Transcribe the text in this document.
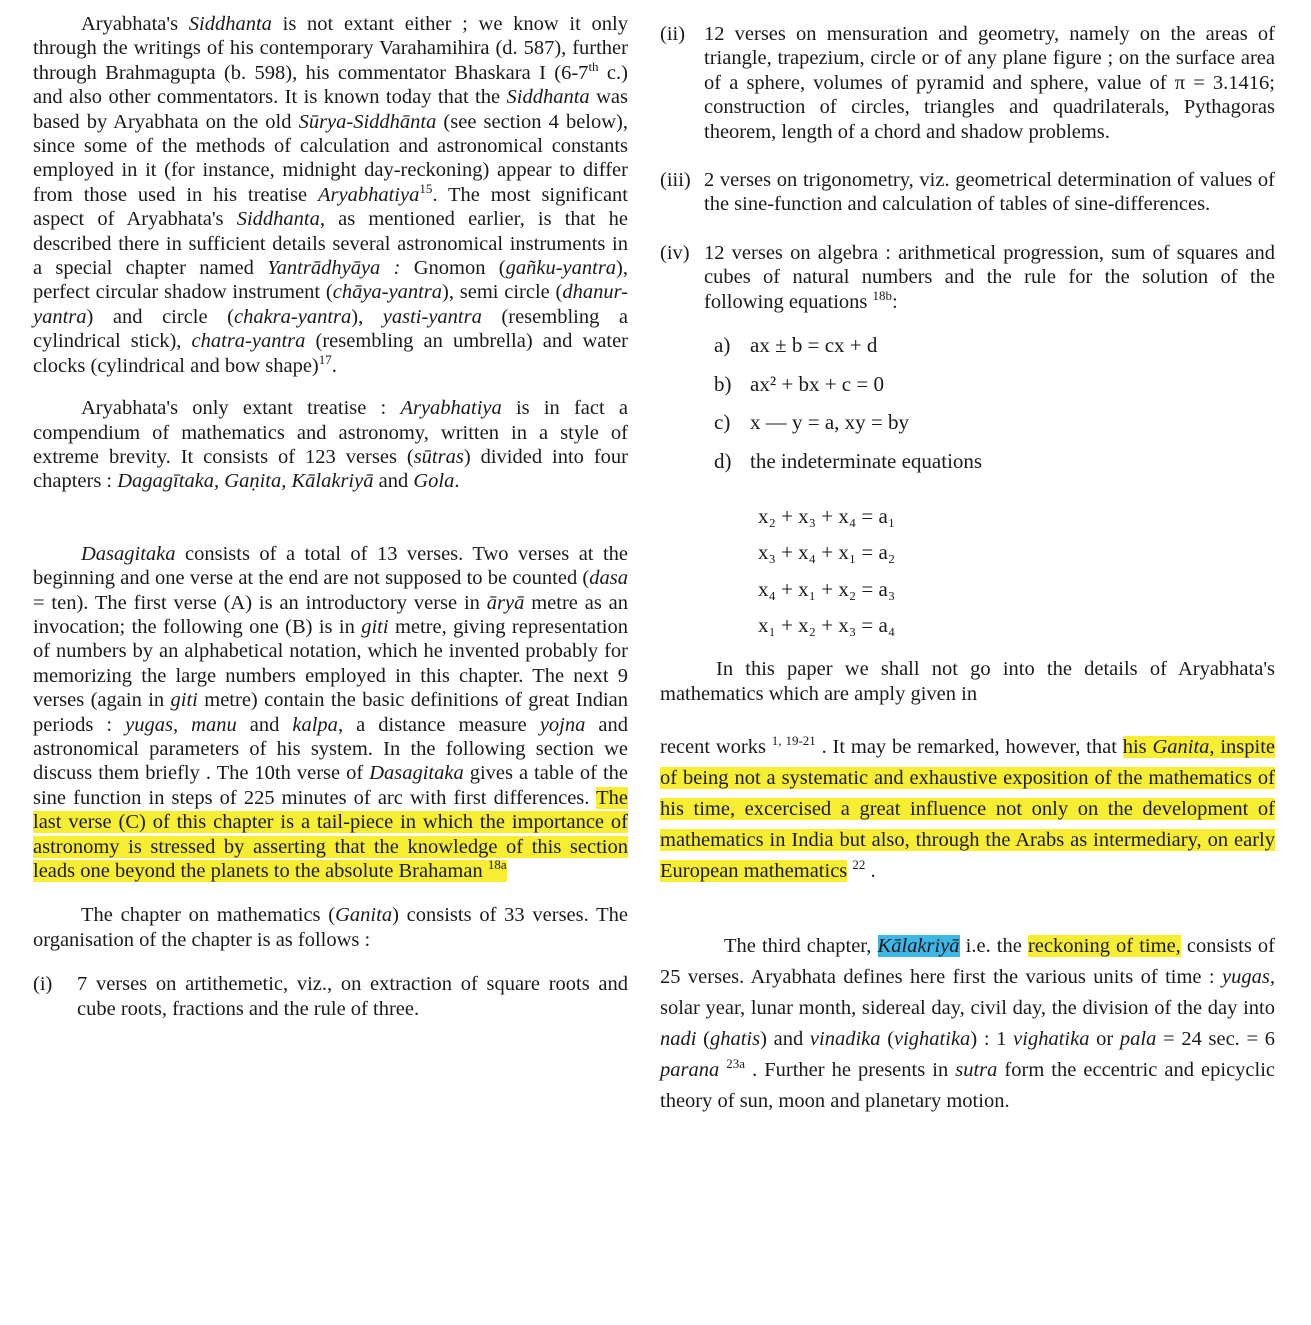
Aryabhata's Siddhanta is not extant either ; we know it only through the writings of his contemporary Varahamihira (d. 587), further through Brahmagupta (b. 598), his commentator Bhaskara I (6-7th c.) and also other commentators. It is known today that the Siddhanta was based by Aryabhata on the old Sūrya-Siddhānta (see section 4 below), since some of the methods of calculation and astronomical constants employed in it (for instance, midnight day-reckoning) appear to differ from those used in his treatise Aryabhatiya$^{15}$. The most significant aspect of Aryabhata's Siddhanta, as mentioned earlier, is that he described there in sufficient details several astronomical instruments in a special chapter named Yantrādhyāya : Gnomon (gañku-yantra), perfect circular shadow instrument (chāya-yantra), semi circle (dhanur-yantra) and circle (chakra-yantra), yasti-yantra (resembling a cylindrical stick), chatra-yantra (resembling an umbrella) and water clocks (cylindrical and bow shape)$^{17}$.

Aryabhata's only extant treatise : Aryabhatiya is in fact a compendium of mathematics and astronomy, written in a style of extreme brevity. It consists of 123 verses (sūtras) divided into four chapters : Dagagītaka, Gaṇita, Kālakriyā and Gola.

Dasagitaka consists of a total of 13 verses. Two verses at the beginning and one verse at the end are not supposed to be counted (dasa = ten). The first verse (A) is an introductory verse in āryā metre as an invocation; the following one (B) is in giti metre, giving representation of numbers by an alphabetical notation, which he invented probably for memorizing the large numbers employed in this chapter. The next 9 verses (again in giti metre) contain the basic definitions of great Indian periods : yugas, manu and kalpa, a distance measure yojna and astronomical parameters of his system. In the following section we discuss them briefly . The 10th verse of Dasagitaka gives a table of the sine function in steps of 225 minutes of arc with first differences. The last verse (C) of this chapter is a tail-piece in which the importance of astronomy is stressed by asserting that the knowledge of this section leads one beyond the planets to the absolute Brahaman $^{18a}$

The chapter on mathematics (Ganita) consists of 33 verses. The organisation of the chapter is as follows :

(i)	7 verses on artithemetic, viz., on extraction of square roots and cube roots, fractions and the rule of three.
(ii) 12 verses on mensuration and geometry, namely on the areas of triangle, trapezium, circle or of any plane figure ; on the surface area of a sphere, volumes of pyramid and sphere, value of π = 3.1416; construction of circles, triangles and quadrilaterals, Pythagoras theorem, length of a chord and shadow problems.
(iii) 2 verses on trigonometry, viz. geometrical determination of values of the sine-function and calculation of tables of sine-differences.
(iv) 12 verses on algebra : arithmetical progression, sum of squares and cubes of natural numbers and the rule for the solution of the following equations $^{18b}$:
a) ax ± b = cx + d
b) ax² + bx + c = 0
c) x — y = a, xy = by
d) the indeterminate equations
x₂ + x₃ + x₄ = a₁
x₃ + x₄ + x₁ = a₂
x₄ + x₁ + x₂ = a₃
x₁ + x₂ + x₃ = a₄

In this paper we shall not go into the details of Aryabhata's mathematics which are amply given in

recent works $^{1, 19-21}$ . It may be remarked, however, that his Ganita, inspite of being not a systematic and exhaustive exposition of the mathematics of his time, excercised a great influence not only on the development of mathematics in India but also, through the Arabs as intermediary, on early European mathematics $^{22}$ .

The third chapter, Kālakriyā i.e. the reckoning of time, consists of 25 verses. Aryabhata defines here first the various units of time : yugas, solar year, lunar month, sidereal day, civil day, the division of the day into nadi (ghatis) and vinadika (vighatika) : 1 vighatika or pala = 24 sec. = 6 parana $^{23a}$ . Further he presents in sutra form the eccentric and epicyclic theory of sun, moon and planetary motion.
